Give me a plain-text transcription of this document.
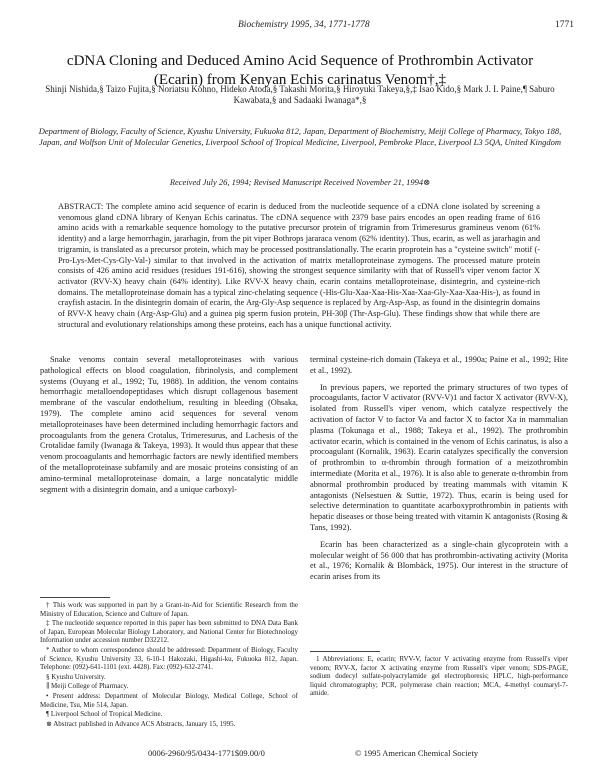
Biochemistry 1995, 34, 1771-1778	1771
cDNA Cloning and Deduced Amino Acid Sequence of Prothrombin Activator (Ecarin) from Kenyan Echis carinatus Venom†,‡
Shinji Nishida,§ Taizo Fujita,§ Noriatsu Kohno, Hideko Atoda,§ Takashi Morita,§ Hiroyuki Takeya,§,‡ Isao Kido,§ Mark J. I. Paine,¶ Saburo Kawabata,§ and Sadaaki Iwanaga*,§
Department of Biology, Faculty of Science, Kyushu University, Fukuoka 812, Japan, Department of Biochemistry, Meiji College of Pharmacy, Tokyo 188, Japan, and Wolfson Unit of Molecular Genetics, Liverpool School of Tropical Medicine, Liverpool, Pembroke Place, Liverpool L3 5QA, United Kingdom
Received July 26, 1994; Revised Manuscript Received November 21, 1994⊗
ABSTRACT: The complete amino acid sequence of ecarin is deduced from the nucleotide sequence of a cDNA clone isolated by screening a venomous gland cDNA library of Kenyan Echis carinatus. The cDNA sequence with 2379 base pairs encodes an open reading frame of 616 amino acids with a remarkable sequence homology to the putative precursor protein of trigramin from Trimeresurus gramineus venom (61% identity) and a large hemorrhagin, jararhagin, from the pit viper Bothrops jararaca venom (62% identity). Thus, ecarin, as well as jararhagin and trigramin, is translated as a precursor protein, which may be processed posttranslationally. The ecarin proprotein has a "cysteine switch" motif (-Pro-Lys-Met-Cys-Gly-Val-) similar to that involved in the activation of matrix metalloproteinase zymogens. The processed mature protein consists of 426 amino acid residues (residues 191-616), showing the strongest sequence similarity with that of Russell's viper venom factor X activator (RVV-X) heavy chain (64% identity). Like RVV-X heavy chain, ecarin contains metalloproteinase, disintegrin, and cysteine-rich domains. The metalloproteinase domain has a typical zinc-chelating sequence (-His-Glu-Xaa-Xaa-His-Xaa-Xaa-Gly-Xaa-Xaa-His-), as found in crayfish astacin. In the disintegrin domain of ecarin, the Arg-Gly-Asp sequence is replaced by Arg-Asp-Asp, as found in the disintegrin domains of RVV-X heavy chain (Arg-Asp-Glu) and a guinea pig sperm fusion protein, PH-30β (Thr-Asp-Glu). These findings show that while there are structural and evolutionary relationships among these proteins, each has a unique functional activity.

Snake venoms contain several metalloproteinases with various pathological effects on blood coagulation, fibrinolysis, and complement systems (Ouyang et al., 1992; Tu, 1988). In addition, the venom contains hemorrhagic metalloendopeptidases which disrupt collagenous basement membrane of the vascular endothelium, resulting in bleeding (Ohsaka, 1979). The complete amino acid sequences for several venom metalloproteinases have been determined including hemorrhagic factors and procoagulants from the genera Crotalus, Trimeresurus, and Lachesis of the Crotalidae family (Iwanaga & Takeya, 1993). It would thus appear that these venom procoagulants and hemorrhagic factors are newly identified members of the metalloproteinase subfamily and are mosaic proteins consisting of an amino-terminal metalloproteinase domain, a large noncatalytic middle segment with a disintegrin domain, and a unique carboxyl-

terminal cysteine-rich domain (Takeya et al., 1990a; Paine et al., 1992; Hite et al., 1992).

In previous papers, we reported the primary structures of two types of procoagulants, factor V activator (RVV-V)1 and factor X activator (RVV-X), isolated from Russell's viper venom, which catalyze respectively the activation of factor V to factor Va and factor X to factor Xa in mammalian plasma (Tokunaga et al., 1988; Takeya et al., 1992). The prothrombin activator ecarin, which is contained in the venom of Echis carinatus, is also a procoagulant (Kornalik, 1963). Ecarin catalyzes specifically the conversion of prothrombin to α-thrombin through formation of a meizothrombin intermediate (Morita et al., 1976). It is also able to generate α-thrombin from abnormal prothrombin produced by treating mammals with vitamin K antagonists (Nelsestuen & Suttie, 1972). Thus, ecarin is being used for selective determination to quantitate acarboxyprothrombin in patients with hepatic diseases or those being treated with vitamin K antagonists (Rosing & Tans, 1992).

Ecarin has been characterized as a single-chain glycoprotein with a molecular weight of 56 000 that has prothrombin-activating activity (Morita et al., 1976; Kornalik & Blombäck, 1975). Our interest in the structure of ecarin arises from its

† This work was supported in part by a Grant-in-Aid for Scientific Research from the Ministry of Education, Science and Culture of Japan.
‡ The nucleotide sequence reported in this paper has been submitted to DNA Data Bank of Japan, European Molecular Biology Laboratory, and National Center for Biotechnology Information under accession number D32212.
* Author to whom correspondence should be addressed: Department of Biology, Faculty of Science, Kyushu University 33, 6-10-1 Hakozaki, Higashi-ku, Fukuoka 812, Japan. Telephone: (092)-641-1101 (ext. 4428). Fax: (092)-632-2741.
§ Kyushu University.
∥ Meiji College of Pharmacy.
• Present address: Department of Molecular Biology, Medical College, School of Medicine, Tsu, Mie 514, Japan.
¶ Liverpool School of Tropical Medicine.
⊗ Abstract published in Advance ACS Abstracts, January 15, 1995.
1 Abbreviations: E, ecarin; RVV-V, factor V activating enzyme from Russell's viper venom; RVV-X, factor X activating enzyme from Russell's viper venom; SDS-PAGE, sodium dodecyl sulfate-polyacrylamide gel electrophoresis; HPLC, high-performance liquid chromatography; PCR, polymerase chain reaction; MCA, 4-methyl coumaryl-7-amide.
0006-2960/95/0434-1771$09.00/0	© 1995 American Chemical Society
